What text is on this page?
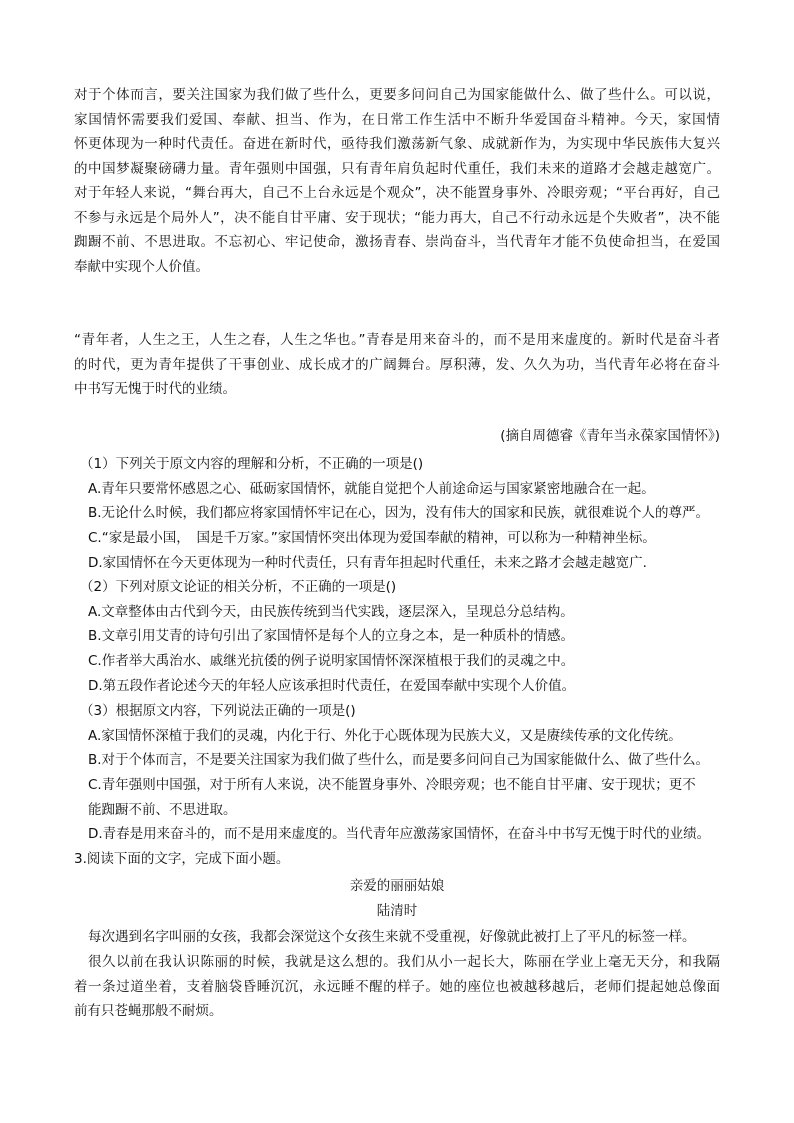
对于个体而言，要关注国家为我们做了些什么，更要多问问自己为国家能做什么、做了些什么。可以说，
家国情怀需要我们爱国、奉献、担当、作为，在日常工作生活中不断升华爱国奋斗精神。今天，家国情
怀更体现为一种时代责任。奋进在新时代，亟待我们激荡新气象、成就新作为，为实现中华民族伟大复兴
的中国梦凝聚磅礴力量。青年强则中国强，只有青年肩负起时代重任，我们未来的道路才会越走越宽广。
对于年轻人来说，“舞台再大，自己不上台永远是个观众”，决不能置身事外、冷眼旁观；“平台再好，自己
不参与永远是个局外人”，决不能自甘平庸、安于现状；“能力再大，自己不行动永远是个失败者”，决不能
踟蹰不前、不思进取。不忘初心、牢记使命，激扬青春、崇尚奋斗，当代青年才能不负使命担当，在爱国
奉献中实现个人价值。
“青年者，人生之王，人生之春，人生之华也。”青春是用来奋斗的，而不是用来虚度的。新时代是奋斗者
的时代，更为青年提供了干事创业、成长成才的广阔舞台。厚积薄，发、久久为功，当代青年必将在奋斗
中书写无愧于时代的业绩。
(摘自周德睿《青年当永葆家国情怀》)
（1）下列关于原文内容的理解和分析，不正确的一项是()
A.青年只要常怀感恩之心、砥砺家国情怀，就能自觉把个人前途命运与国家紧密地融合在一起。
B.无论什么时候，我们都应将家国情怀牢记在心，因为，没有伟大的国家和民族，就很难说个人的尊严。
C.“家是最小国，　国是千万家。”家国情怀突出体现为爱国奉献的精神，可以称为一种精神坐标。
D.家国情怀在今天更体现为一种时代责任，只有青年担起时代重任，未来之路才会越走越宽广.
（2）下列对原文论证的相关分析，不正确的一项是()
A.文章整体由古代到今天，由民族传统到当代实践，逐层深入，呈现总分总结构。
B.文章引用艾青的诗句引出了家国情怀是每个人的立身之本，是一种质朴的情感。
C.作者举大禹治水、戚继光抗倭的例子说明家国情怀深深植根于我们的灵魂之中。
D.第五段作者论述今天的年轻人应该承担时代责任，在爱国奉献中实现个人价值。
（3）根据原文内容，下列说法正确的一项是()
A.家国情怀深植于我们的灵魂，内化于行、外化于心既体现为民族大义，又是赓续传承的文化传统。
B.对于个体而言，不是要关注国家为我们做了些什么，而是要多问问自己为国家能做什么、做了些什么。
C.青年强则中国强，对于所有人来说，决不能置身事外、冷眼旁观；也不能自甘平庸、安于现状；更不
能踟蹰不前、不思进取。
D.青春是用来奋斗的，而不是用来虚度的。当代青年应激荡家国情怀，在奋斗中书写无愧于时代的业绩。
3.阅读下面的文字，完成下面小题。
亲爱的丽丽姑娘
陆清时
每次遇到名字叫丽的女孩，我都会深觉这个女孩生来就不受重视，好像就此被打上了平凡的标签一样。
很久以前在我认识陈丽的时候，我就是这么想的。我们从小一起长大，陈丽在学业上毫无天分，和我隔
着一条过道坐着，支着脑袋昏睡沉沉，永远睡不醒的样子。她的座位也被越移越后，老师们提起她总像面
前有只苍蝇那般不耐烦。
